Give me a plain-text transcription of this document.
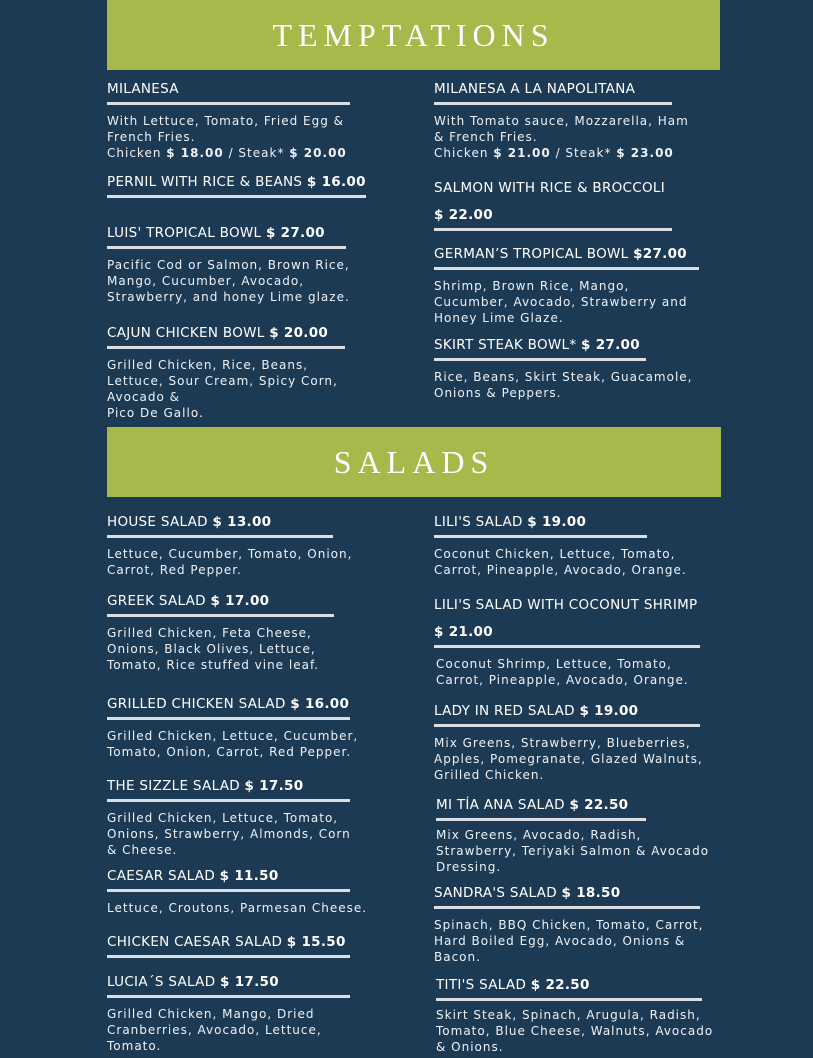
TEMPTATIONS
MILANESA
With Lettuce, Tomato, Fried Egg &
French Fries.
Chicken $ 18.00 / Steak* $ 20.00
PERNIL WITH RICE & BEANS $ 16.00
LUIS' TROPICAL BOWL $ 27.00
Pacific Cod or Salmon, Brown Rice,
Mango, Cucumber, Avocado,
Strawberry, and honey Lime glaze.
CAJUN CHICKEN BOWL $ 20.00
Grilled Chicken, Rice, Beans,
Lettuce, Sour Cream, Spicy Corn,
Avocado &
Pico De Gallo.
MILANESA A LA NAPOLITANA
With Tomato sauce, Mozzarella, Ham
& French Fries.
Chicken $ 21.00 / Steak* $ 23.00
SALMON WITH RICE & BROCCOLI
$ 22.00
GERMAN’S TROPICAL BOWL $27.00
Shrimp, Brown Rice, Mango,
Cucumber, Avocado, Strawberry and
Honey Lime Glaze.
SKIRT STEAK BOWL* $ 27.00
Rice, Beans, Skirt Steak, Guacamole,
Onions & Peppers.
SALADS
HOUSE SALAD $ 13.00
Lettuce, Cucumber, Tomato, Onion,
Carrot, Red Pepper.
GREEK SALAD $ 17.00
Grilled Chicken, Feta Cheese,
Onions, Black Olives, Lettuce,
Tomato, Rice stuffed vine leaf.
GRILLED CHICKEN SALAD $ 16.00
Grilled Chicken, Lettuce, Cucumber,
Tomato, Onion, Carrot, Red Pepper.
THE SIZZLE SALAD $ 17.50
Grilled Chicken, Lettuce, Tomato,
Onions, Strawberry, Almonds, Corn
& Cheese.
CAESAR SALAD $ 11.50
Lettuce, Croutons, Parmesan Cheese.
CHICKEN CAESAR SALAD $ 15.50
LUCIA´S SALAD $ 17.50
Grilled Chicken, Mango, Dried
Cranberries, Avocado, Lettuce,
Tomato.
LILI'S SALAD $ 19.00
Coconut Chicken, Lettuce, Tomato,
Carrot, Pineapple, Avocado, Orange.
LILI'S SALAD WITH COCONUT SHRIMP
$ 21.00
Coconut Shrimp, Lettuce, Tomato,
Carrot, Pineapple, Avocado, Orange.
LADY IN RED SALAD $ 19.00
Mix Greens, Strawberry, Blueberries,
Apples, Pomegranate, Glazed Walnuts,
Grilled Chicken.
MI TÍA ANA SALAD $ 22.50
Mix Greens, Avocado, Radish,
Strawberry, Teriyaki Salmon & Avocado
Dressing.
SANDRA'S SALAD $ 18.50
Spinach, BBQ Chicken, Tomato, Carrot,
Hard Boiled Egg, Avocado, Onions &
Bacon.
TITI'S SALAD $ 22.50
Skirt Steak, Spinach, Arugula, Radish,
Tomato, Blue Cheese, Walnuts, Avocado
& Onions.
